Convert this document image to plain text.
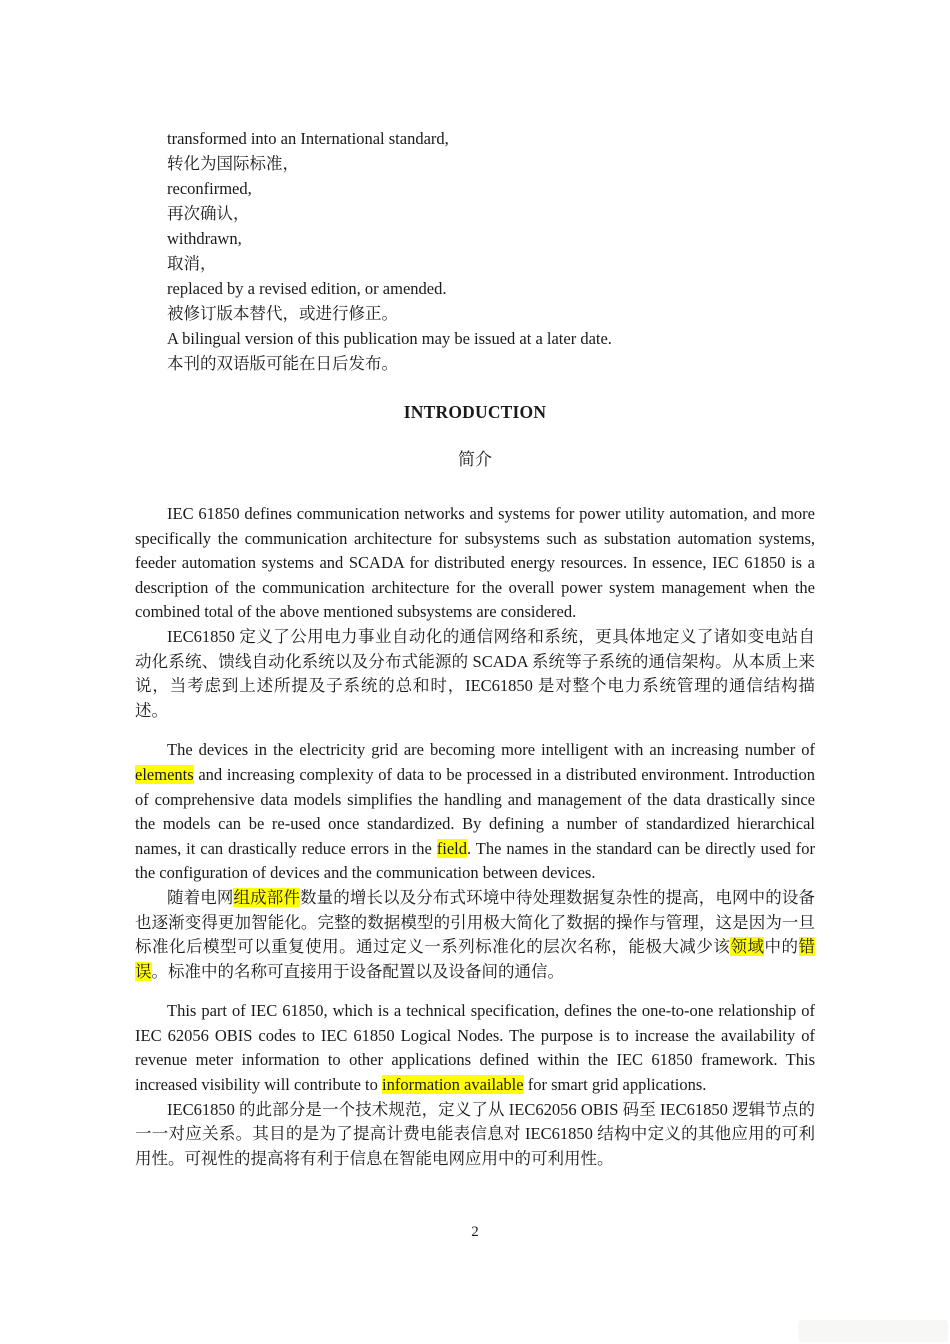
transformed into an International standard,
转化为国际标准，
reconfirmed,
再次确认，
withdrawn,
取消，
replaced by a revised edition, or amended.
被修订版本替代，或进行修正。
A bilingual version of this publication may be issued at a later date.
本刊的双语版可能在日后发布。
INTRODUCTION
简介

IEC 61850 defines communication networks and systems for power utility automation, and more specifically the communication architecture for subsystems such as substation automation systems, feeder automation systems and SCADA for distributed energy resources. In essence, IEC 61850 is a description of the communication architecture for the overall power system management when the combined total of the above mentioned subsystems are considered.

IEC61850 定义了公用电力事业自动化的通信网络和系统，更具体地定义了诸如变电站自动化系统、馈线自动化系统以及分布式能源的 SCADA 系统等子系统的通信架构。从本质上来说，当考虑到上述所提及子系统的总和时，IEC61850 是对整个电力系统管理的通信结构描述。

The devices in the electricity grid are becoming more intelligent with an increasing number of elements and increasing complexity of data to be processed in a distributed environment. Introduction of comprehensive data models simplifies the handling and management of the data drastically since the models can be re-used once standardized. By defining a number of standardized hierarchical names, it can drastically reduce errors in the field. The names in the standard can be directly used for the configuration of devices and the communication between devices.

随着电网组成部件数量的增长以及分布式环境中待处理数据复杂性的提高，电网中的设备也逐渐变得更加智能化。完整的数据模型的引用极大简化了数据的操作与管理，这是因为一旦标准化后模型可以重复使用。通过定义一系列标准化的层次名称，能极大减少该领域中的错误。标准中的名称可直接用于设备配置以及设备间的通信。

This part of IEC 61850, which is a technical specification, defines the one-to-one relationship of IEC 62056 OBIS codes to IEC 61850 Logical Nodes. The purpose is to increase the availability of revenue meter information to other applications defined within the IEC 61850 framework. This increased visibility will contribute to information available for smart grid applications.

IEC61850 的此部分是一个技术规范，定义了从 IEC62056 OBIS 码至 IEC61850 逻辑节点的一一对应关系。其目的是为了提高计费电能表信息对 IEC61850 结构中定义的其他应用的可利用性。可视性的提高将有利于信息在智能电网应用中的可利用性。

2
